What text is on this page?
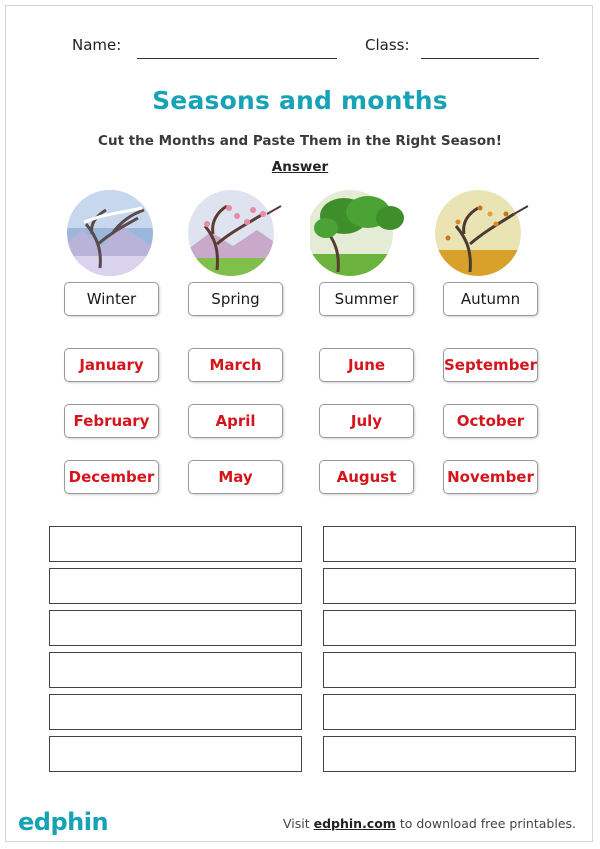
Name:	Class:
Seasons and months
Cut the Months and Paste Them in the Right Season!
Answer
Winter	Spring	Summer	Autumn
January	March	June	September
February	April	July	October
December	May	August	November
edphin	Visit edphin.com to download free printables.
